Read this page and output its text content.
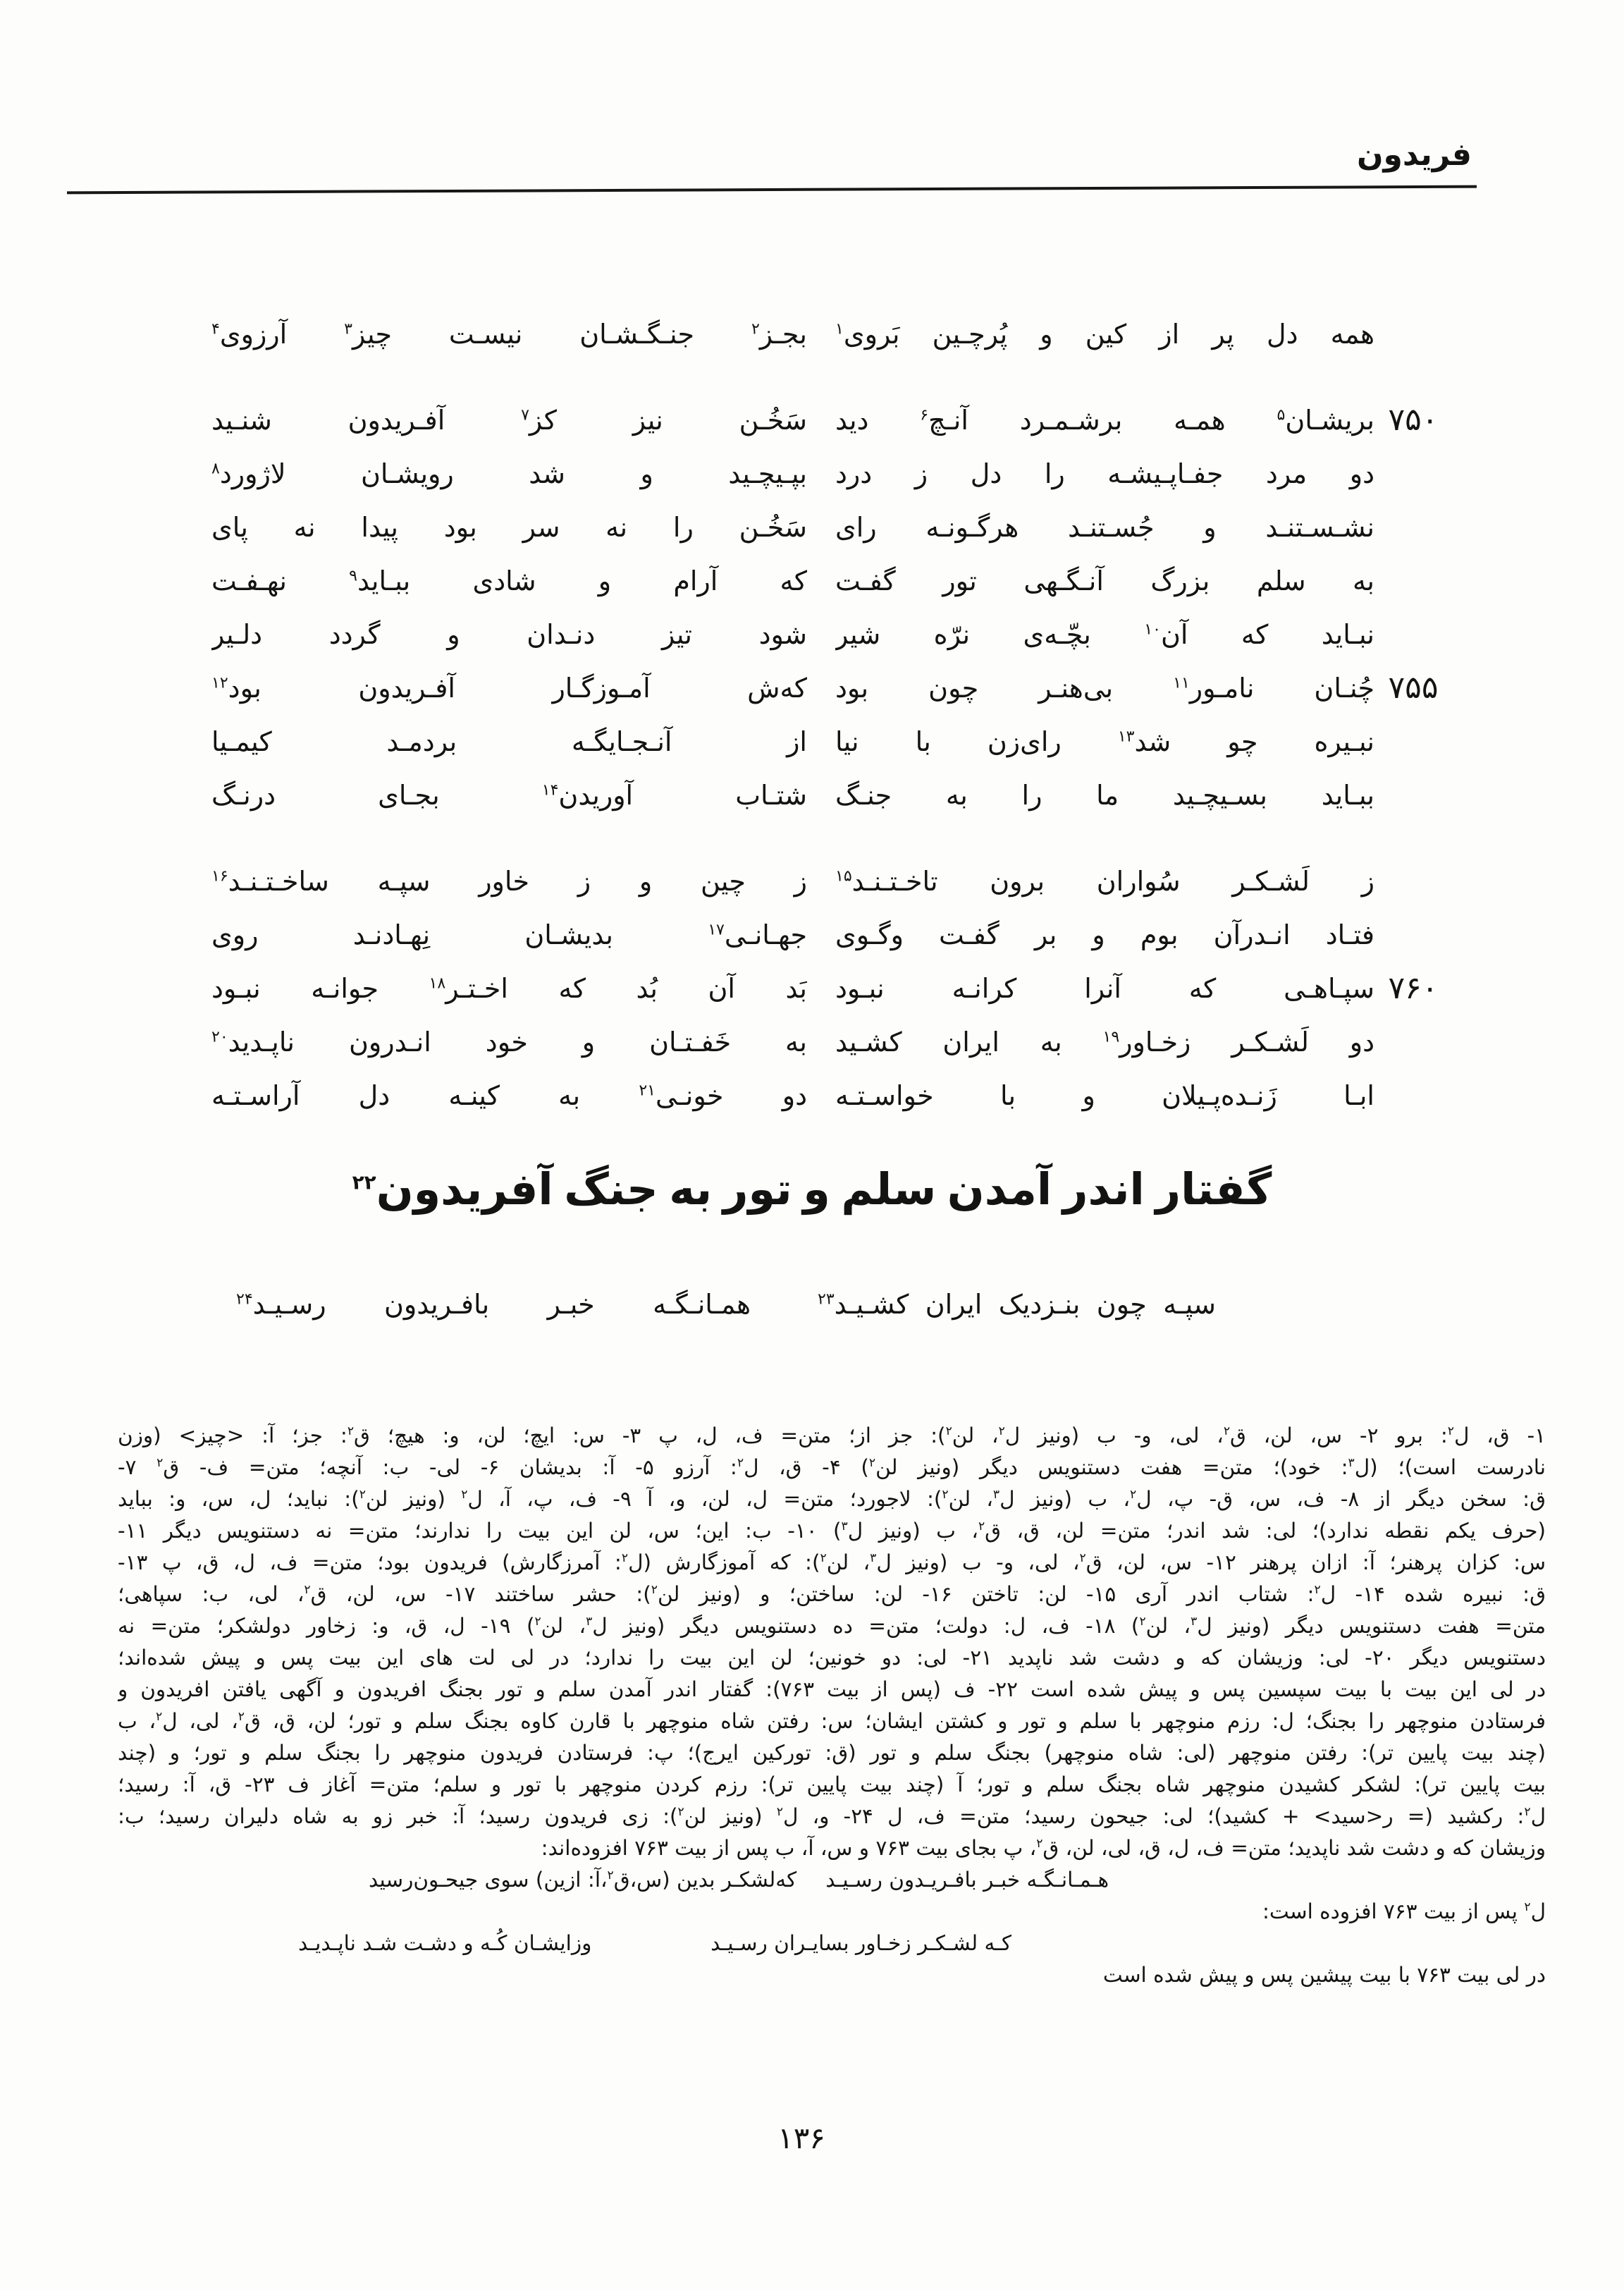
فریدون
همه دل پر از کین و پُرچـین بَروی$^۱$
بجـز$^۲$ جنـگـشـان نیسـت چیز$^۳$ آرزوی$^۴$
۷۵۰
بریشـان$^۵$ همـه برشـمـرد آنـچ$^۶$ دید
سَخُـن نیز کز$^۷$ آفـریدون شنـید
دو مرد جفـاپـیشـه را دل ز درد
بپـیچـید و شد رویشـان لاژورد$^۸$
نشـسـتنـد و جُسـتنـد هرگـونـه رای
سَخُـن را نه سر بود پیدا نه پای
به سلم بزرگ آنـگـهی تور گفـت
که آرام و شادی ببـاید$^۹$ نهـفـت
نبـاید که آن$^{۱۰}$ بچّـه‌ی نرّه شیر
شود تیز دنـدان و گردد دلـیر
۷۵۵
چُنـان نامـور$^{۱۱}$ بی‌هنـر چون بود
که‌ش آمـوزگـار آفـریدون بود$^{۱۲}$
نبـیره چو شد$^{۱۳}$ رای‌زن با نیا
از آنـجـایگـه بردمـد کیمـیا
ببـاید بسـیچـید ما را به جنـگ
شتـاب آوریدن$^{۱۴}$ بجـای درنـگ
ز لَشـکـر سُواران برون تاخـتـنـد$^{۱۵}$
ز چین و ز خاور سپـه ساخـتـنـد$^{۱۶}$
فتـاد انـدرآن بوم و بر گفـت وگـوی
جهـانـی$^{۱۷}$ بدیشـان نِهـادنـد روی
۷۶۰
سپـاهـی که آنرا کرانـه نبـود
بَد آن بُد که اخـتـر$^{۱۸}$ جوانـه نبـود
دو لَشـکـر زخـاور$^{۱۹}$ به ایران کشـید
به خَفـتـان و خود انـدرون ناپـدید$^{۲۰}$
ابـا زَنـده‌پـیلان و با خواسـتـه
دو خونـی$^{۲۱}$ به کینـه دل آراسـتـه
گفتار اندر آمدن سلم و تور به جنگ آفریدون$^{۲۲}$
سپـه چون بنـزدیک ایران کشـیـد$^{۲۳}$
همـانـگـه خبـر بافـریدون رسـیـد$^{۲۴}$
۱- ق، ل$^۲$: برو ۲- س، لن، ق$^۲$، لی، و- ب (ونیز ل$^۲$، لن$^۲$): جز از؛ متن= ف، ل، پ ۳- س: ایچ؛ لن، و: هیچ؛ ق$^۲$: جز؛ آ: <چیز> (وزن
نادرست است)؛ (ل$^۳$: خود)؛ متن= هفت دستنویس دیگر (ونیز لن$^۲$) ۴- ق، ل$^۲$: آرزو ۵- آ: بدیشان ۶- لی- ب: آنچه؛ متن= ف- ق$^۲$ ۷-
ق: سخن دیگر از ۸- ف، س، ق- پ، ل$^۲$، ب (ونیز ل$^۳$، لن$^۲$): لاجورد؛ متن= ل، لن، و، آ ۹- ف، پ، آ، ل$^۲$ (ونیز لن$^۲$): نباید؛ ل، س، و: بباید
(حرف یکم نقطه ندارد)؛ لی: شد اندر؛ متن= لن، ق، ق$^۲$، ب (ونیز ل$^۳$) ۱۰- ب: این؛ س، لن این بیت را ندارند؛ متن= نه دستنویس دیگر ۱۱-
س: کزان پرهنر؛ آ: ازان پرهنر ۱۲- س، لن، ق$^۲$، لی، و- ب (ونیز ل$^۳$، لن$^۲$): که آموزگارش (ل$^۲$: آمرزگارش) فریدون بود؛ متن= ف، ل، ق، پ ۱۳-
ق: نبیره شده ۱۴- ل$^۲$: شتاب اندر آری ۱۵- لن: تاختن ۱۶- لن: ساختن؛ و (ونیز لن$^۲$): حشر ساختند ۱۷- س، لن، ق$^۲$، لی، ب: سپاهی؛
متن= هفت دستنویس دیگر (ونیز ل$^۳$، لن$^۲$) ۱۸- ف، ل: دولت؛ متن= ده دستنویس دیگر (ونیز ل$^۳$، لن$^۲$) ۱۹- ل، ق، و: زخاور دولشکر؛ متن= نه
دستنویس دیگر ۲۰- لی: وزیشان که و دشت شد ناپدید ۲۱- لی: دو خونین؛ لن این بیت را ندارد؛ در لی لت های این بیت پس و پیش شده‌اند؛
در لی این بیت با بیت سپسین پس و پیش شده است ۲۲- ف (پس از بیت ۷۶۳): گفتار اندر آمدن سلم و تور بجنگ افریدون و آگهی یافتن افریدون و
فرستادن منوچهر را بجنگ؛ ل: رزم منوچهر با سلم و تور و کشتن ایشان؛ س: رفتن شاه منوچهر با قارن کاوه بجنگ سلم و تور؛ لن، ق، ق$^۲$، لی، ل$^۲$، ب
(چند بیت پایین تر): رفتن منوچهر (لی: شاه منوچهر) بجنگ سلم و تور (ق: تورکین ایرج)؛ پ: فرستادن فریدون منوچهر را بجنگ سلم و تور؛ و (چند
بیت پایین تر): لشکر کشیدن منوچهر شاه بجنگ سلم و تور؛ آ (چند بیت پایین تر): رزم کردن منوچهر با تور و سلم؛ متن= آغاز ف ۲۳- ق، آ: رسید؛
ل$^۲$: رکشید (= ر<سید> + کشید)؛ لی: جیحون رسید؛ متن= ف، ل ۲۴- و، ل$^۲$ (ونیز لن$^۲$): زی فریدون رسید؛ آ: خبر زو به شاه دلیران رسید؛ ب:
وزیشان که و دشت شد ناپدید؛ متن= ف، ل، ق، لی، لن، ق$^۲$، پ بجای بیت ۷۶۳ و س، آ، ب پس از بیت ۷۶۳ افزوده‌اند:
هـمـانـگـه خبـر بافـریـدون رسـیـد
که‌لشکـر بدین (س،ق$^۲$،آ: ازین) سوی جیحـون‌رسید
ل$^۲$ پس از بیت ۷۶۳ افزوده است:
کـه لشـکـر زخـاور بسایـران رسـیـد
وزایشـان کُـه و دشـت شـد ناپـدیـد
در لی بیت ۷۶۳ با بیت پیشین پس و پیش شده است
۱۳۶
